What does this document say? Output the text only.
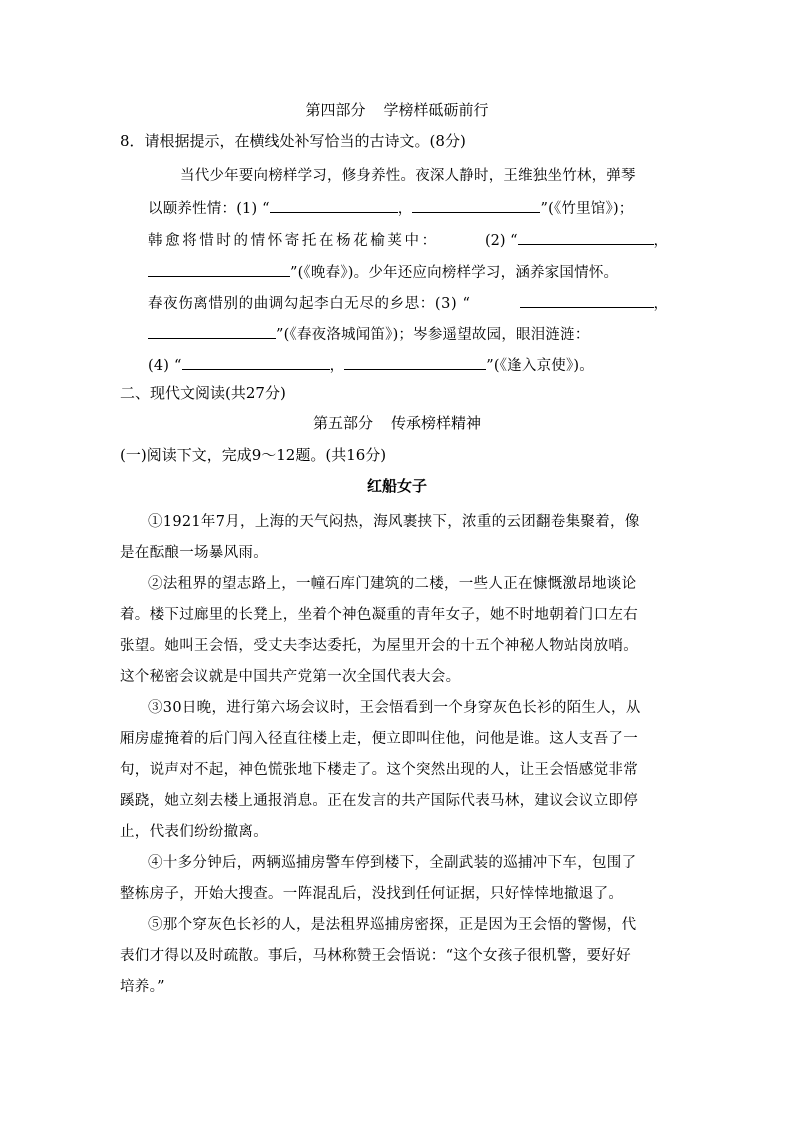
第四部分 学榜样砥砺前行
8．请根据提示，在横线处补写恰当的古诗文。(8分)
当代少年要向榜样学习，修身养性。夜深人静时，王维独坐竹林，弹琴
以颐养性情：(1) “	，	”(《竹里馆》)；
韩愈将惜时的情怀寄托在杨花榆荚中：	(2) “	，
”(《晚春》)。少年还应向榜样学习，涵养家国情怀。
春夜伤离惜别的曲调勾起李白无尽的乡思：(3) “	，
”(《春夜洛城闻笛》)；岑参遥望故园，眼泪涟涟：
(4) “	，	”(《逢入京使》)。
二、现代文阅读(共27分)
第五部分 传承榜样精神
(一)阅读下文，完成9～12题。(共16分)
红船女子
①1921年7月，上海的天气闷热，海风裹挟下，浓重的云团翻卷集聚着，像
是在酝酿一场暴风雨。
②法租界的望志路上，一幢石库门建筑的二楼，一些人正在慷慨激昂地谈论
着。楼下过廊里的长凳上，坐着个神色凝重的青年女子，她不时地朝着门口左右
张望。她叫王会悟，受丈夫李达委托，为屋里开会的十五个神秘人物站岗放哨。
这个秘密会议就是中国共产党第一次全国代表大会。
③30日晚，进行第六场会议时，王会悟看到一个身穿灰色长衫的陌生人，从
厢房虚掩着的后门闯入径直往楼上走，便立即叫住他，问他是谁。这人支吾了一
句，说声对不起，神色慌张地下楼走了。这个突然出现的人，让王会悟感觉非常
蹊跷，她立刻去楼上通报消息。正在发言的共产国际代表马林，建议会议立即停
止，代表们纷纷撤离。
④十多分钟后，两辆巡捕房警车停到楼下，全副武装的巡捕冲下车，包围了
整栋房子，开始大搜查。一阵混乱后，没找到任何证据，只好悻悻地撤退了。
⑤那个穿灰色长衫的人，是法租界巡捕房密探，正是因为王会悟的警惕，代
表们才得以及时疏散。事后，马林称赞王会悟说：“这个女孩子很机警，要好好
培养。”
